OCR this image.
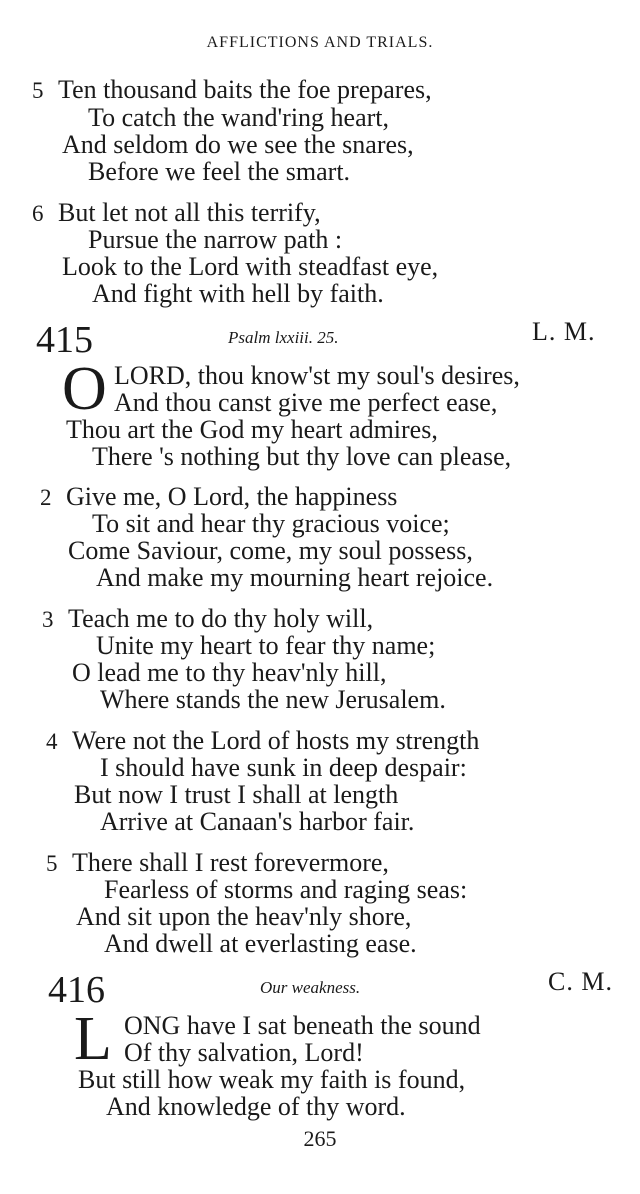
AFFLICTIONS AND TRIALS.
5 Ten thousand baits the foe prepares,
To catch the wand'ring heart,
And seldom do we see the snares,
Before we feel the smart.
6 But let not all this terrify,
Pursue the narrow path :
Look to the Lord with steadfast eye,
And fight with hell by faith.
415	Psalm lxxiii. 25.	L. M.
O LORD, thou know'st my soul's desires,
And thou canst give me perfect ease,
Thou art the God my heart admires,
There 's nothing but thy love can please,
2 Give me, O Lord, the happiness
To sit and hear thy gracious voice;
Come Saviour, come, my soul possess,
And make my mourning heart rejoice.
3 Teach me to do thy holy will,
Unite my heart to fear thy name;
O lead me to thy heav'nly hill,
Where stands the new Jerusalem.
4 Were not the Lord of hosts my strength
I should have sunk in deep despair:
But now I trust I shall at length
Arrive at Canaan's harbor fair.
5 There shall I rest forevermore,
Fearless of storms and raging seas:
And sit upon the heav'nly shore,
And dwell at everlasting ease.
416	Our weakness.	C. M.
L ONG have I sat beneath the sound
Of thy salvation, Lord!
But still how weak my faith is found,
And knowledge of thy word.
265
